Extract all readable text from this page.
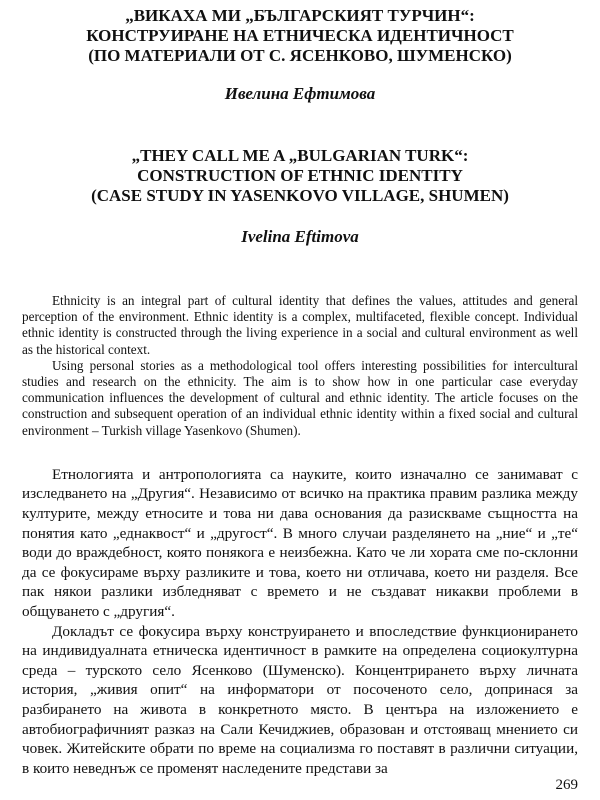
„ВИКАХА МИ „БЪЛГАРСКИЯТ ТУРЧИН“:
КОНСТРУИРАНЕ НА ЕТНИЧЕСКА ИДЕНТИЧНОСТ
(ПО МАТЕРИАЛИ ОТ С. ЯСЕНКОВО, ШУМЕНСКО)
Ивелина Ефтимова
„THEY CALL ME A „BULGARIAN TURK“:
CONSTRUCTION OF ETHNIC IDENTITY
(CASE STUDY IN YASENKOVO VILLAGE, SHUMEN)
Ivelina Eftimova

Ethnicity is an integral part of cultural identity that defines the values, attitudes and general perception of the environment. Ethnic identity is a complex, multifaceted, flexible concept. Individual ethnic identity is constructed through the living experience in a social and cultural environment as well as the historical context.

Using personal stories as a methodological tool offers interesting possibilities for intercultural studies and research on the ethnicity. The aim is to show how in one particular case everyday communication influences the development of cultural and ethnic identity. The article focuses on the construction and subsequent operation of an individual ethnic identity within a fixed social and cultural environment – Turkish village Yasenkovo (Shumen).

Етнологията и антропологията са науките, които изначално се занимават с изследването на „Другия“. Независимо от всичко на практика правим разлика между културите, между етносите и това ни дава основания да разискваме същността на понятия като „еднаквост“ и „другост“. В много случаи разделянето на „ние“ и „те“ води до враждебност, която понякога е неизбежна. Като че ли хората сме по-склонни да се фокусираме върху разликите и това, което ни отличава, което ни разделя. Все пак някои разлики избледняват с времето и не създават никакви проблеми в общуването с „другия“.

Докладът се фокусира върху конструирането и впоследствие функционирането на индивидуалната етническа идентичност в рамките на определена социокултурна среда – турското село Ясенково (Шуменско). Концентрирането върху личната история, „живия опит“ на информатори от посоченото село, допринася за разбирането на живота в конкретното място. В центъра на изложението е автобиографичният разказ на Сали Кечиджиев, образован и отстояващ мнението си човек. Житейските обрати по време на социализма го поставят в различни ситуации, в които неведнъж се променят наследените представи за

269
